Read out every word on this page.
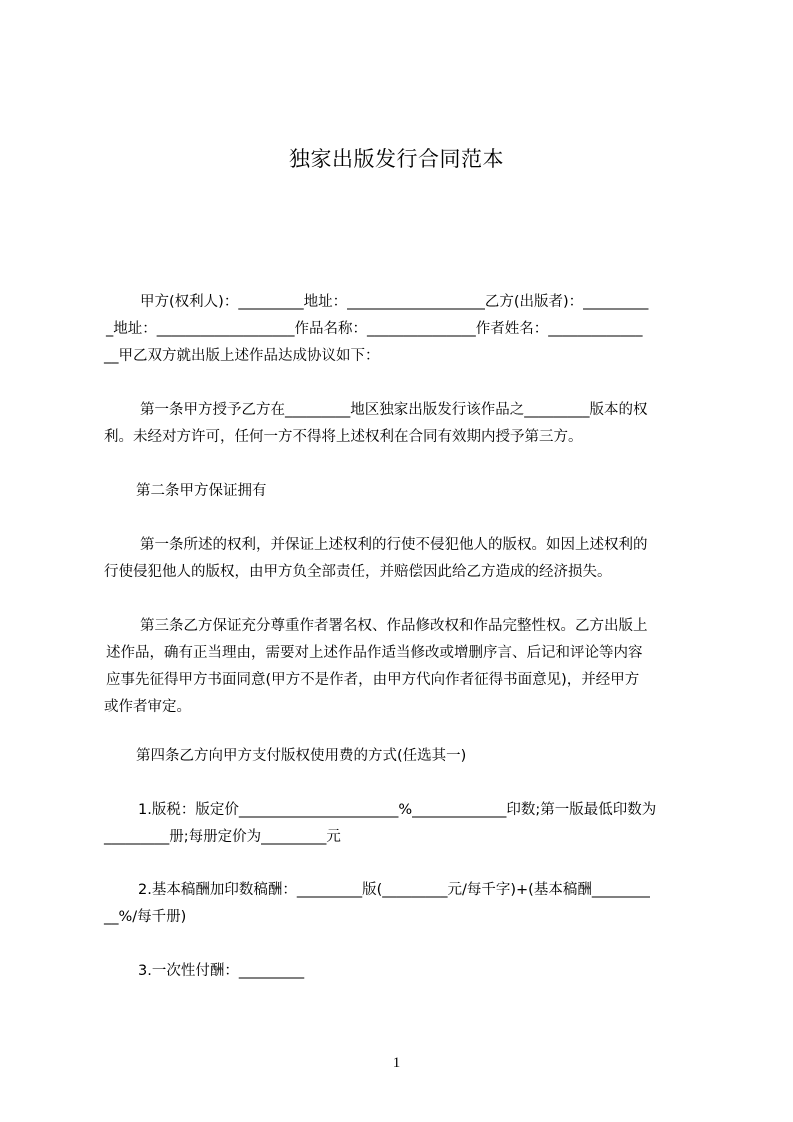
独家出版发行合同范本
甲方(权利人)：_________地址：___________________乙方(出版者)：_________
_地址：___________________作品名称：_______________作者姓名：_____________
__甲乙双方就出版上述作品达成协议如下：
第一条甲方授予乙方在_________地区独家出版发行该作品之_________版本的权
利。未经对方许可，任何一方不得将上述权利在合同有效期内授予第三方。
第二条甲方保证拥有
第一条所述的权利，并保证上述权利的行使不侵犯他人的版权。如因上述权利的
行使侵犯他人的版权，由甲方负全部责任，并赔偿因此给乙方造成的经济损失。
第三条乙方保证充分尊重作者署名权、作品修改权和作品完整性权。乙方出版上
述作品，确有正当理由，需要对上述作品作适当修改或增删序言、后记和评论等内容
应事先征得甲方书面同意(甲方不是作者，由甲方代向作者征得书面意见)，并经甲方
或作者审定。
第四条乙方向甲方支付版权使用费的方式(任选其一)
1.版税：版定价______________________%_____________印数;第一版最低印数为
_________册;每册定价为_________元
2.基本稿酬加印数稿酬：_________版(_________元/每千字)+(基本稿酬________
__%/每千册)
3.一次性付酬：_________
1
